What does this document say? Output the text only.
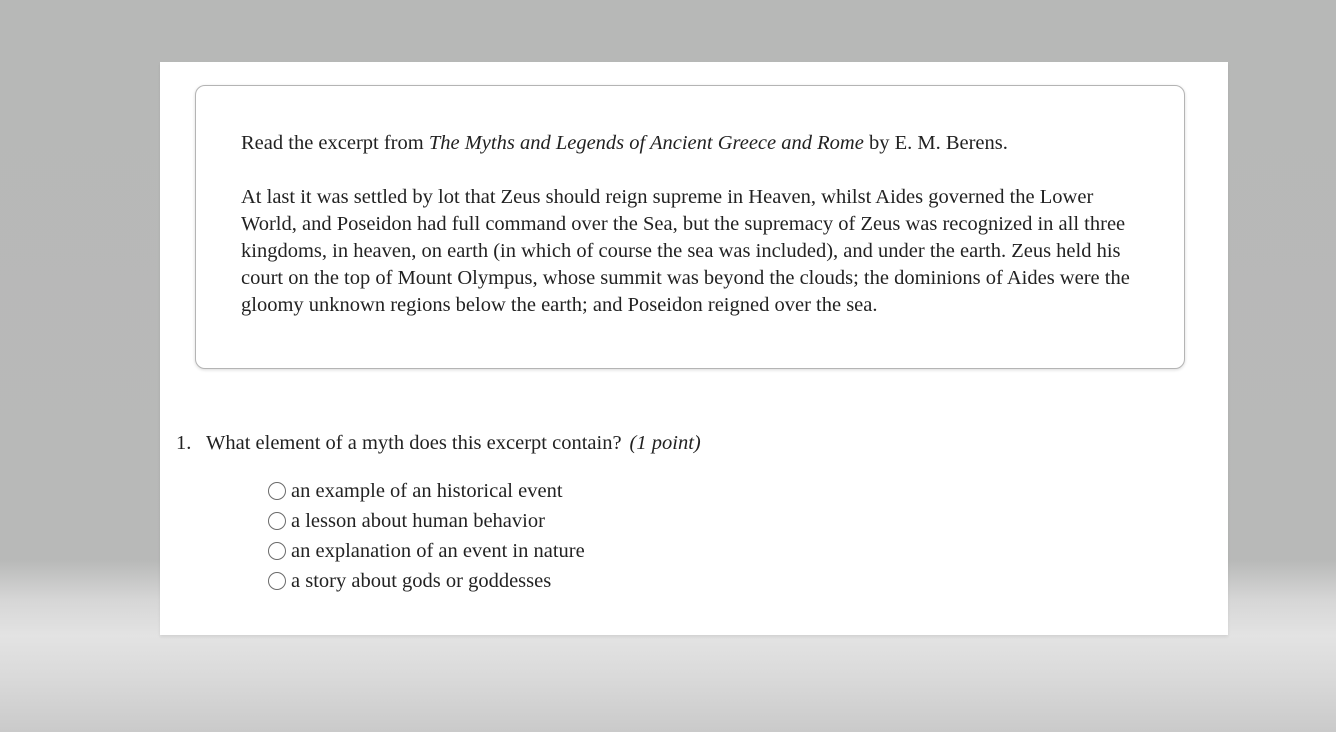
Read the excerpt from The Myths and Legends of Ancient Greece and Rome by E. M. Berens.

At last it was settled by lot that Zeus should reign supreme in Heaven, whilst Aides governed the Lower World, and Poseidon had full command over the Sea, but the supremacy of Zeus was recognized in all three kingdoms, in heaven, on earth (in which of course the sea was included), and under the earth. Zeus held his court on the top of Mount Olympus, whose summit was beyond the clouds; the dominions of Aides were the gloomy unknown regions below the earth; and Poseidon reigned over the sea.

1. What element of a myth does this excerpt contain? (1 point)
an example of an historical event
a lesson about human behavior
an explanation of an event in nature
a story about gods or goddesses
